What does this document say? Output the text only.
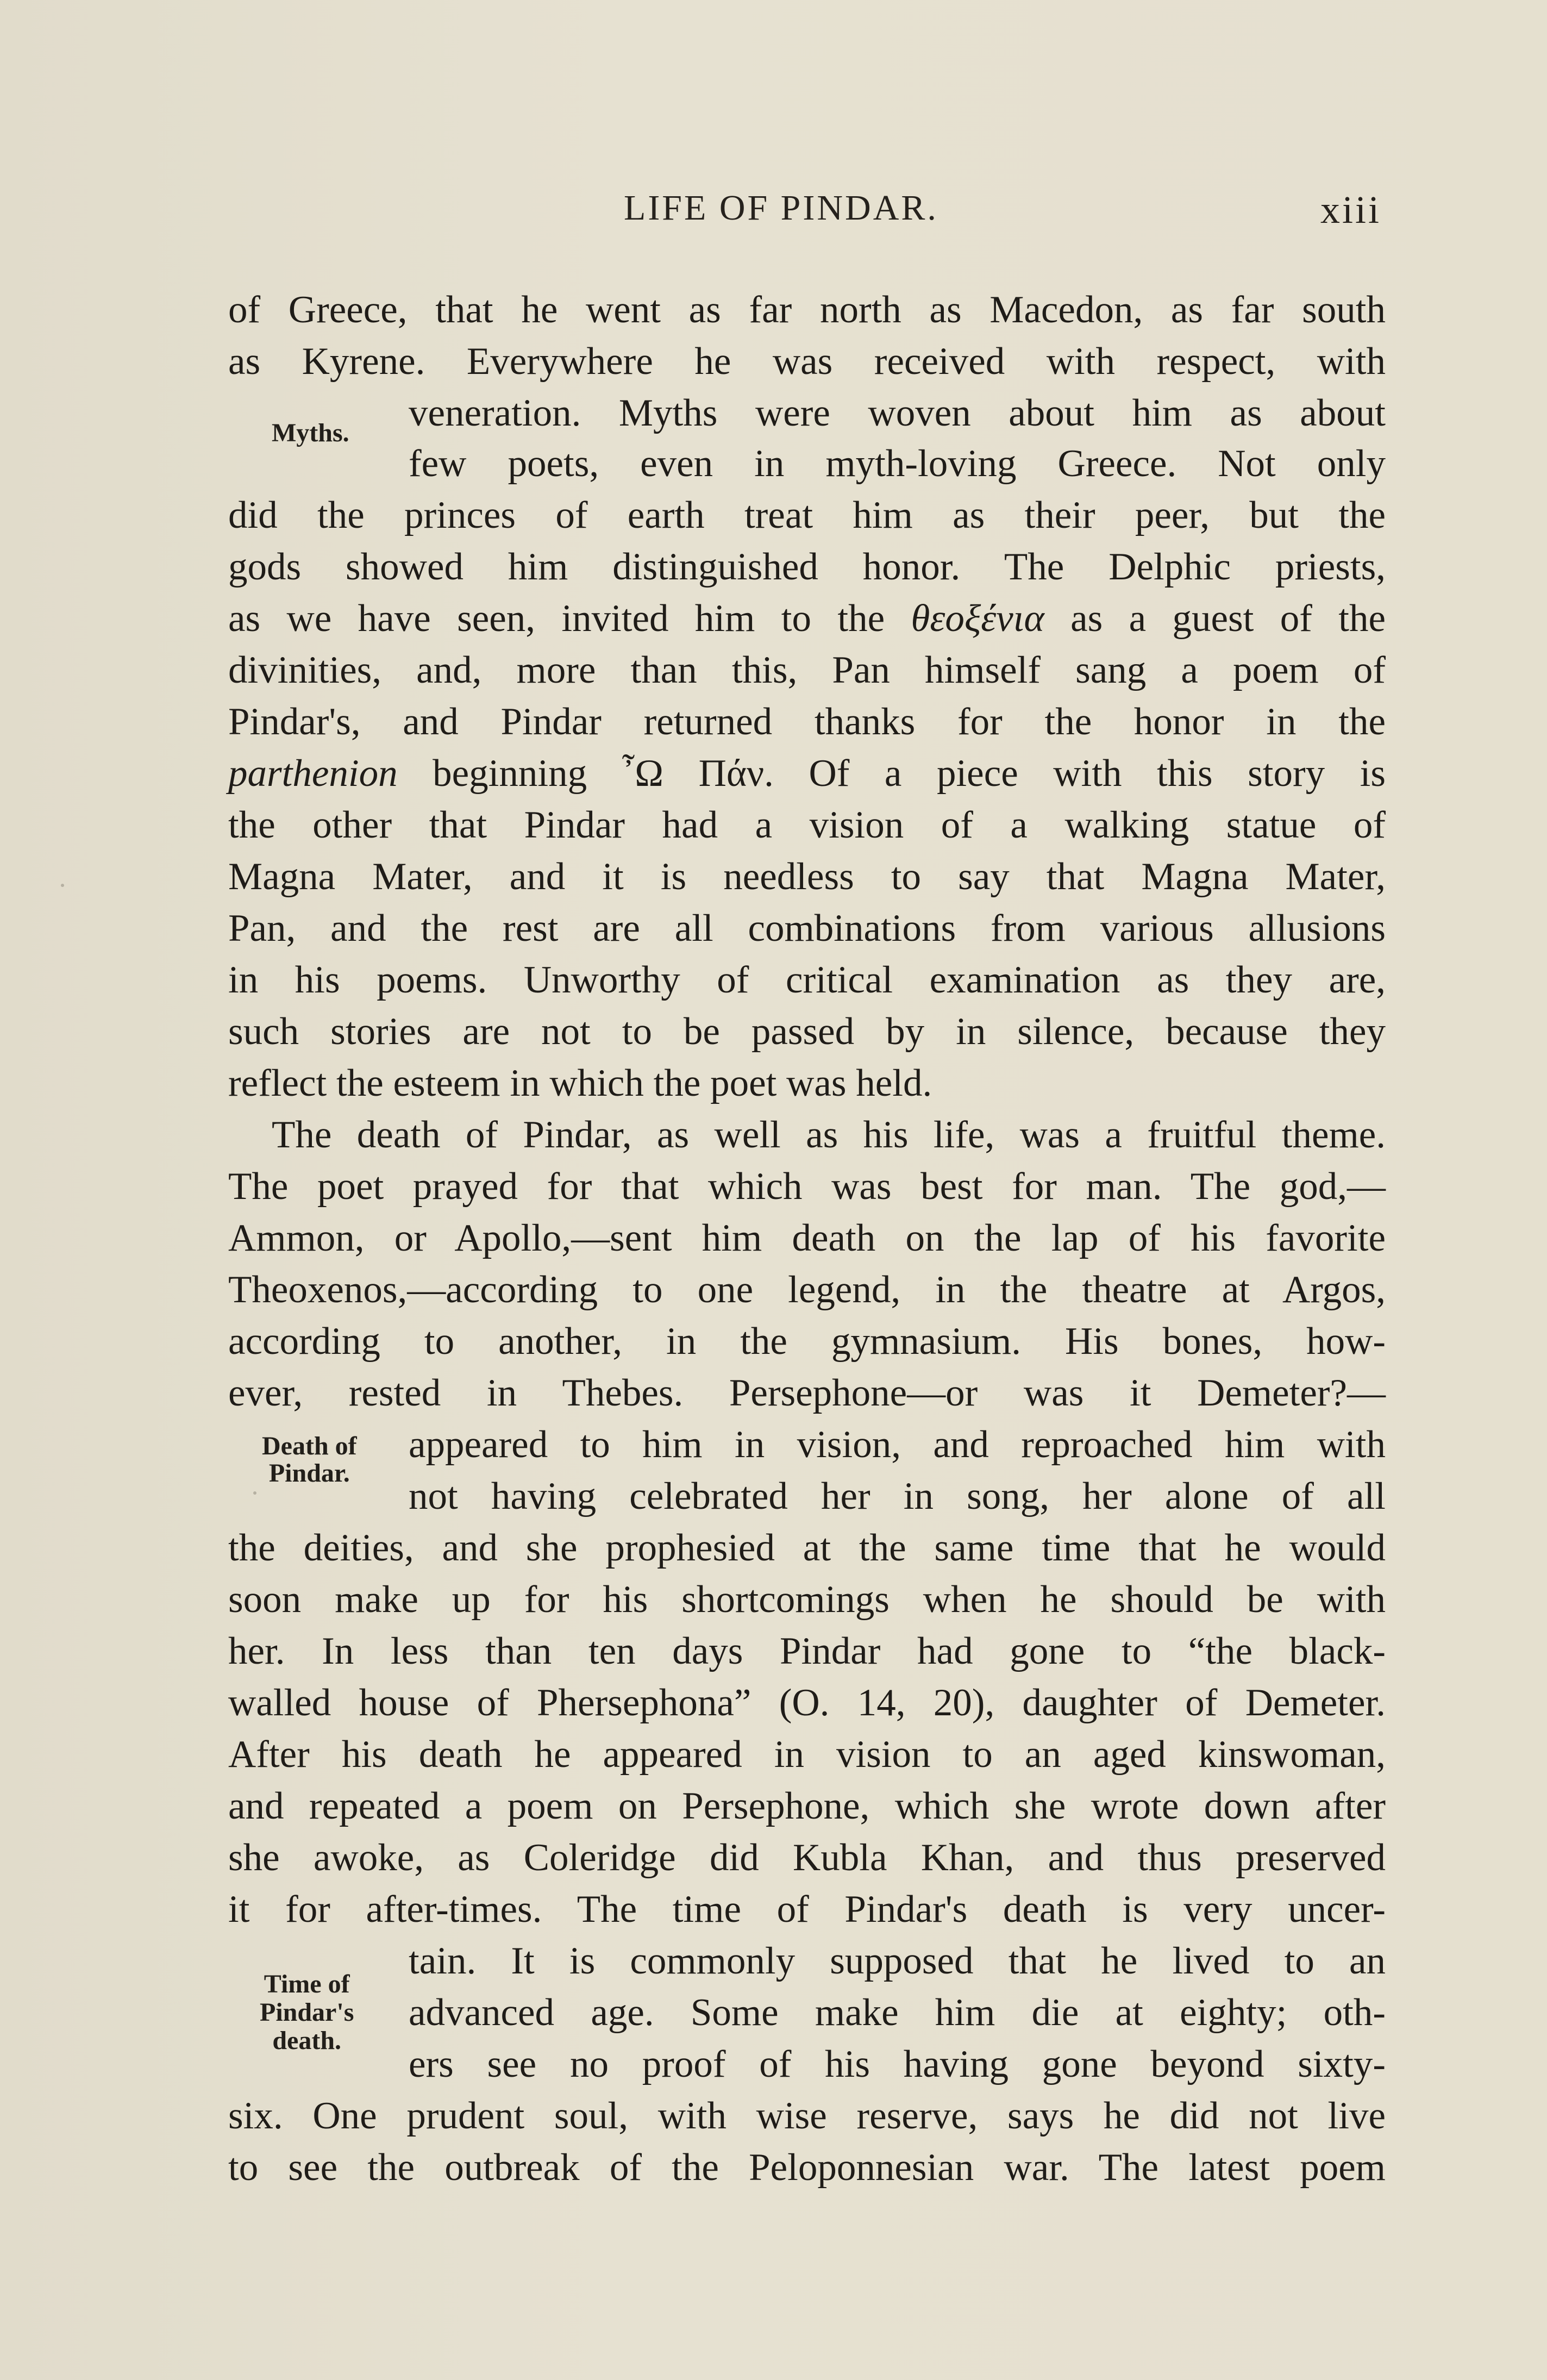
LIFE OF PINDAR.	xiii
Myths.
Death of
Pindar.
Time of
Pindar's
death.
of Greece, that he went as far north as Macedon, as far south
as Kyrene. Everywhere he was received with respect, with
veneration. Myths were woven about him as about
few poets, even in myth-loving Greece. Not only
did the princes of earth treat him as their peer, but the
gods showed him distinguished honor. The Delphic priests,
as we have seen, invited him to the θεοξένια as a guest of the
divinities, and, more than this, Pan himself sang a poem of
Pindar's, and Pindar returned thanks for the honor in the
parthenion beginning ῏Ω Πάν. Of a piece with this story is
the other that Pindar had a vision of a walking statue of
Magna Mater, and it is needless to say that Magna Mater,
Pan, and the rest are all combinations from various allusions
in his poems. Unworthy of critical examination as they are,
such stories are not to be passed by in silence, because they
reflect the esteem in which the poet was held.
The death of Pindar, as well as his life, was a fruitful theme.
The poet prayed for that which was best for man. The god,—
Ammon, or Apollo,—sent him death on the lap of his favorite
Theoxenos,—according to one legend, in the theatre at Argos,
according to another, in the gymnasium. His bones, how-
ever, rested in Thebes. Persephone—or was it Demeter?—
appeared to him in vision, and reproached him with
not having celebrated her in song, her alone of all
the deities, and she prophesied at the same time that he would
soon make up for his shortcomings when he should be with
her. In less than ten days Pindar had gone to “the black-
walled house of Phersephona” (O. 14, 20), daughter of Demeter.
After his death he appeared in vision to an aged kinswoman,
and repeated a poem on Persephone, which she wrote down after
she awoke, as Coleridge did Kubla Khan, and thus preserved
it for after-times. The time of Pindar's death is very uncer-
tain. It is commonly supposed that he lived to an
advanced age. Some make him die at eighty; oth-
ers see no proof of his having gone beyond sixty-
six. One prudent soul, with wise reserve, says he did not live
to see the outbreak of the Peloponnesian war. The latest poem
